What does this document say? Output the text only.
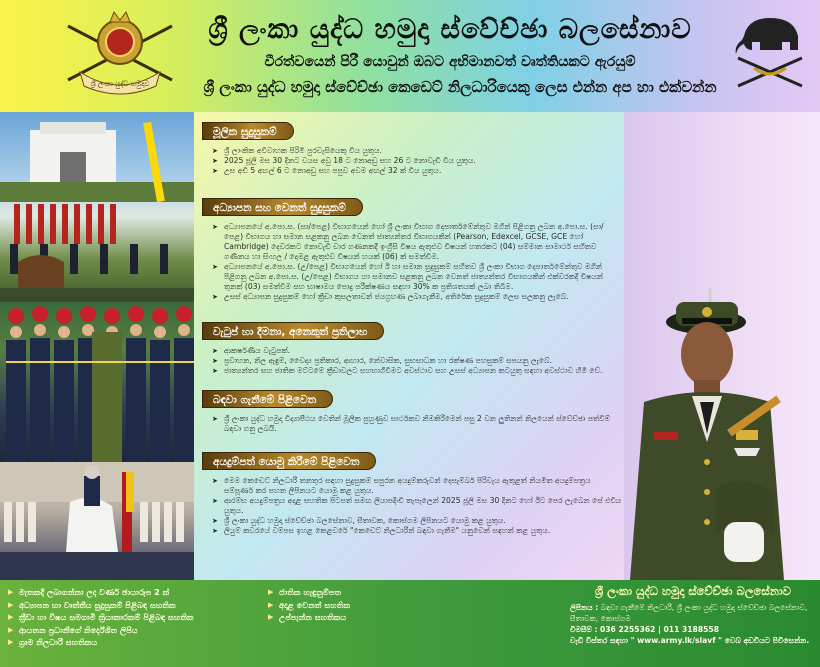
ශ්‍රී ලංකා යුද්ධ හමුදාව
ශ්‍රී ලංකා යුද්ධ හමුදා ස්වේච්ඡා බලසේනාව
වීරත්වයෙන් පිරී යොවුන් ඔබට අභිමානවත් වෘත්තියකට ඇරයුම්
ශ්‍රී ලංකා යුද්ධ හමුදා ස්වේච්ඡා කෙඩෙට් නිලධාරියෙකු ලෙස එන්න අප හා එක්වන්න
මූලික සුදුසුකම්
➤ ශ්‍රී ලාංකික අවිවාහක පිරිමි පුරවැසියෙකු විය යුතුය.
➤ 2025 ජූලි මස 30 දිනට වයස අවු 18 ට නොඅඩු සහ 26 ට නොවැඩි විය යුතුය.
➤ උස අඩි 5 අඟල් 6 ට නොඅඩු සහ පපුව අවම අඟල් 32 ක් විය යුතුය.
අධ්‍යාපන සහ වෙනත් සුදුසුකම්
➤ අධ්‍යාපනයේ අ.පො.ස. (සා/පෙළ) විභාගයෙන් හෝ ශ්‍රී ලංකා විභාග දෙපාර්තමේන්තුව මගින් පිළිගනු ලබන අ.පො.ස. (සා/පෙළ) විභාගය හා සමාන සළකනු ලබන වෙනත් ජාත්‍යන්තර විභාගයකින් (Pearson, Edexcel, GCSE, GCE හෝ Cambridge) දෙවරකට නොවැඩි වාර ගණනකදී ඉංග්‍රීසි විෂය ඇතුළුව විෂයන් හතරකට (04) සම්මාන සාමාර්ථ සහිතව ගණිතය හා සිංහල / දෙමළ ඇතුළුව විෂයන් හයක් (06) ක් සමත්වීම.
➤ අධ්‍යාපනයේ අ.පො.ස. (උ/පෙළ) විභාගයෙන් හෝ ඊ හා සමාන සුදුසුකම් සහිතව ශ්‍රී ලංකා විභාග දෙපාර්තමේන්තුව මගින් පිළිගනු ලබන අ.පො.ස. (උ/පෙළ) විභාගය හා සමානව සළකනු ලබන වෙනත් ජාත්‍යන්තර විභාගයකින් එක්වරකදී විෂයන් තුනක් (03) සමත්වීම සහ භාෂාමය පොදු පරීක්ෂණය සඳහා 30% ක ප්‍රතිශතයක් ලබා තිබීම.
➤ උසස් අධ්‍යාපන සුදුසුකම් හෝ ක්‍රීඩා කුසලතාවන් ජයග්‍රහණ ලබාගැනීම, අතිරේක සුදුසුකම් ලෙස සලකනු ලැබේ.
වැටුප් හා දීමනා, අනෙකුත් ප්‍රතිලාභ
➤ ආකර්ෂණීය වැටුපක්.
➤ ප්‍රවාහන, නිල ඇඳුම්, වෛද්‍ය ප්‍රතිකාර, ආහාර, නේවාසික, සුභසාධක හා රක්ෂණ පහසුකම් සපයනු ලැබේ.
➤ ජාත්‍යන්තර සහ ජාතික මට්ටමේ ක්‍රීඩාවලට සහභාගිවීමට අවස්ථාව සහ උසස් අධ්‍යාපන කටයුතු සඳහා අවස්ථාව හිමි වේ.
බඳවා ගැනීමේ පිළිවෙත
➤ ශ්‍රී ලංකා යුද්ධ හමුදා විද්‍යාපීඨය වෙතින් මූලික පුහුණුව සාර්ථකව නිමකිරීමෙන් පසු 2 වන ලුතිනන් නිලයෙන් ස්වේච්ඡා පත්වීම් බඳවා ගනු ලබයි.
අයදුම්පත් යොමු කිරීමේ පිළිවෙත
➤ මෙම කෙඩෙට් නිලධාරී තනතුර සඳහා සුදුසුකම් සපුරන අයදුම්කරුවන් දෙසැම්බර් පිරිවැය ඇතුළත් නියමිත අයදුම්පත්‍රය සම්පූර්ණ කර පහත ලිපිනයට යොමු කළ යුතුය.
➤ ආරම්භ අයදුම්පත්‍රය අදාළ සහතික පිටපත් සමඟ ලියාපදිංචි තැපෑලෙන් 2025 ජූලි මස 30 දිනට හෝ ඊට පෙර ලැබෙන සේ එවිය යුතුය.
➤ ශ්‍රී ලංකා යුද්ධ හමුදා ස්වේච්ඡා බලසේනාව, සීතාවක, කොස්ගම ලිපිනයට යොමු කළ යුතුය.
➤ ලියුම් කවරයේ වම්පස ඉහළ කෙළවරේ "කෙඩෙට් නිලධාරීන් බඳවා ගැනීම" යනුවෙන් සඳහන් කළ යුතුය.
▶ මැතකදී ලබාගන්නා ලද වර්ණ ඡායාරූප 2 ක්
▶ අධ්‍යාපන හා වෘත්තීය සුදුසුකම් පිළිබඳ සහතික
▶ ක්‍රීඩා හා විෂය සමගාමී ක්‍රියාකාරකම් පිළිබඳ සහතික
▶ ආයතන ප්‍රධානීගේ නිර්දේශිත ලිපිය
▶ ග්‍රාම නිලධාරී සහතිකය
▶ ජාතික හැඳුනුම්පත
▶ අදාළ වෙනත් සහතික
▶ උප්පැන්න සහතිකය
ශ්‍රී ලංකා යුද්ධ හමුදා ස්වේච්ඡා බලසේනාව
ලිපිනය : බඳවා ගැනීමේ නිලධාරී, ශ්‍රී ලංකා යුද්ධ හමුදා ස්වේච්ඡා බලසේනාව, සීතාවක, කොස්ගම
විමසීම් : 036 2255362 | 011 3188558
වැඩි විස්තර සඳහා " www.army.lk/slavf " වෙබ් අඩවියට පිවිසෙන්න.
